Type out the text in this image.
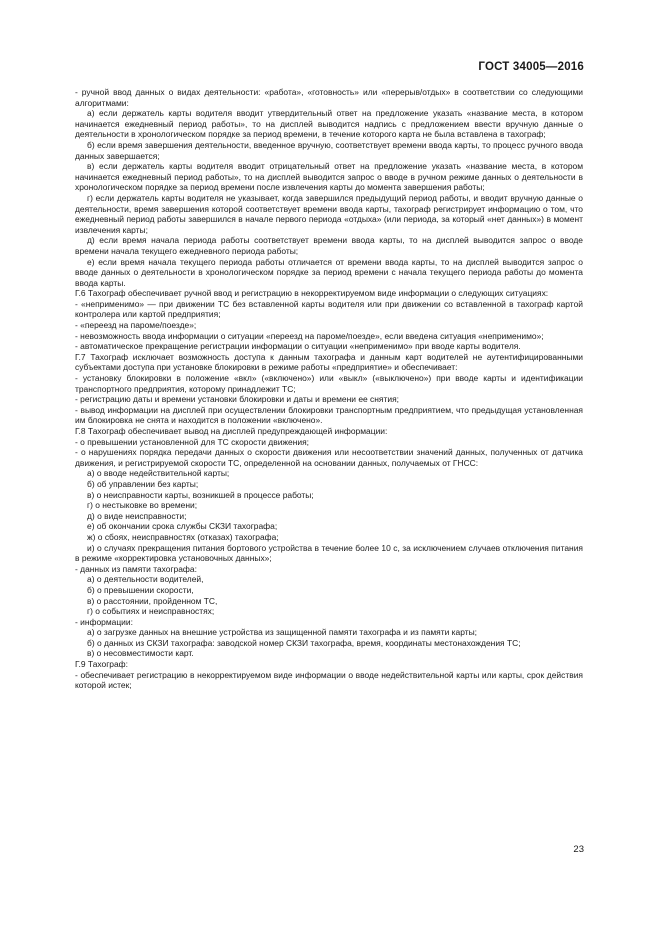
ГОСТ 34005—2016

- ручной ввод данных о видах деятельности: «работа», «готовность» или «перерыв/отдых» в соответствии со следующими алгоритмами:

а) если держатель карты водителя вводит утвердительный ответ на предложение указать «название места, в котором начинается ежедневный период работы», то на дисплей выводится надпись с предложением ввести вручную данные о деятельности в хронологическом порядке за период времени, в течение которого карта не была вставлена в тахограф;

б) если время завершения деятельности, введенное вручную, соответствует времени ввода карты, то процесс ручного ввода данных завершается;

в) если держатель карты водителя вводит отрицательный ответ на предложение указать «название места, в котором начинается ежедневный период работы», то на дисплей выводится запрос о вводе в ручном режиме данных о деятельности в хронологическом порядке за период времени после извлечения карты до момента завершения работы;

г) если держатель карты водителя не указывает, когда завершился предыдущий период работы, и вводит вручную данные о деятельности, время завершения которой соответствует времени ввода карты, тахограф регистрирует информацию о том, что ежедневный период работы завершился в начале первого периода «отдыха» (или периода, за который «нет данных») в момент извлечения карты;

д) если время начала периода работы соответствует времени ввода карты, то на дисплей выводится запрос о вводе времени начала текущего ежедневного периода работы;

е) если время начала текущего периода работы отличается от времени ввода карты, то на дисплей выводится запрос о вводе данных о деятельности в хронологическом порядке за период времени с начала текущего периода работы до момента ввода карты.

Г.6 Тахограф обеспечивает ручной ввод и регистрацию в некорректируемом виде информации о следующих ситуациях:

- «неприменимо» — при движении ТС без вставленной карты водителя или при движении со вставленной в тахограф картой контролера или картой предприятия;

- «переезд на пароме/поезде»;

- невозможность ввода информации о ситуации «переезд на пароме/поезде», если введена ситуация «неприменимо»;

- автоматическое прекращение регистрации информации о ситуации «неприменимо» при вводе карты водителя.

Г.7 Тахограф исключает возможность доступа к данным тахографа и данным карт водителей не аутентифицированными субъектами доступа при установке блокировки в режиме работы «предприятие» и обеспечивает:

- установку блокировки в положение «вкл» («включено») или «выкл» («выключено») при вводе карты и идентификации транспортного предприятия, которому принадлежит ТС;

- регистрацию даты и времени установки блокировки и даты и времени ее снятия;

- вывод информации на дисплей при осуществлении блокировки транспортным предприятием, что предыдущая установленная им блокировка не снята и находится в положении «включено».

Г.8 Тахограф обеспечивает вывод на дисплей предупреждающей информации:

- о превышении установленной для ТС скорости движения;

- о нарушениях порядка передачи данных о скорости движения или несоответствии значений данных, полученных от датчика движения, и регистрируемой скорости ТС, определенной на основании данных, получаемых от ГНСС:

а) о вводе недействительной карты;

б) об управлении без карты;

в) о неисправности карты, возникшей в процессе работы;

г) о нестыковке во времени;

д) о виде неисправности;

е) об окончании срока службы СКЗИ тахографа;

ж) о сбоях, неисправностях (отказах) тахографа;

и) о случаях прекращения питания бортового устройства в течение более 10 с, за исключением случаев отключения питания в режиме «корректировка установочных данных»;

- данных из памяти тахографа:

а) о деятельности водителей,

б) о превышении скорости,

в) о расстоянии, пройденном ТС,

г) о событиях и неисправностях;

- информации:

а) о загрузке данных на внешние устройства из защищенной памяти тахографа и из памяти карты;

б) о данных из СКЗИ тахографа: заводской номер СКЗИ тахографа, время, координаты местонахождения ТС;

в) о несовместимости карт.

Г.9 Тахограф:

- обеспечивает регистрацию в некорректируемом виде информации о вводе недействительной карты или карты, срок действия которой истек;

23
